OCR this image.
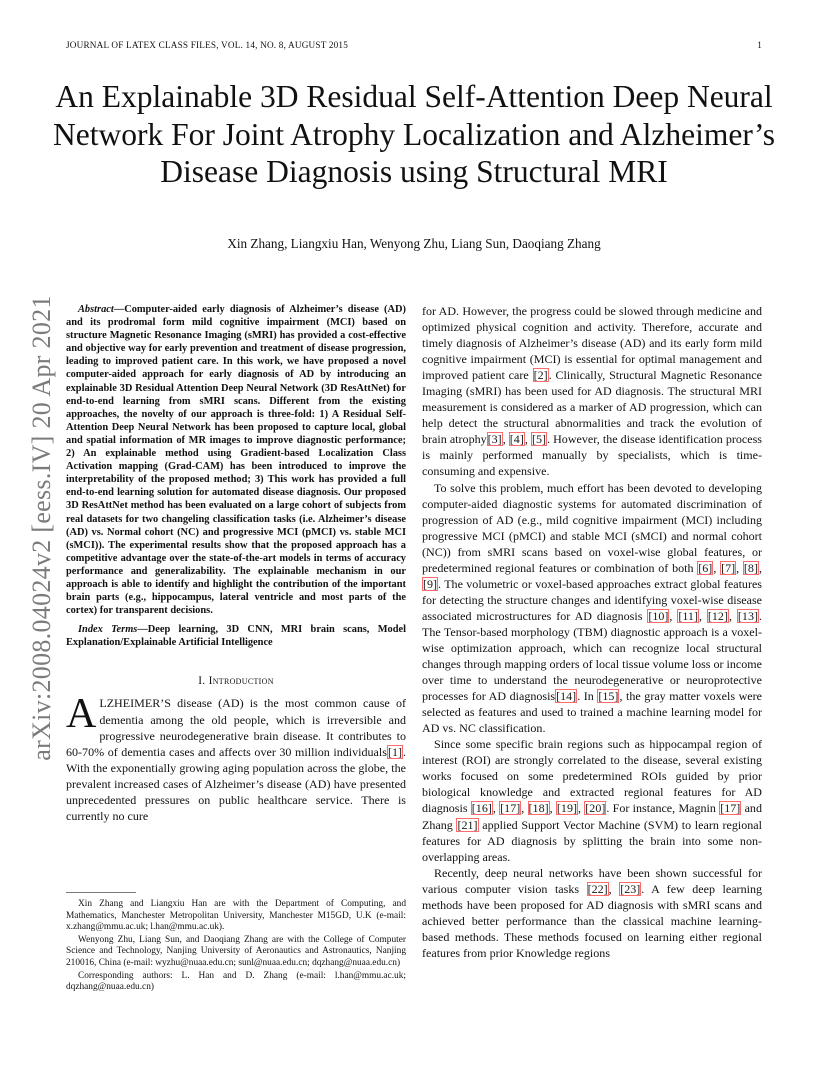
JOURNAL OF LATEX CLASS FILES, VOL. 14, NO. 8, AUGUST 2015	1
An Explainable 3D Residual Self-Attention Deep Neural Network For Joint Atrophy Localization and Alzheimer’s Disease Diagnosis using Structural MRI
Xin Zhang, Liangxiu Han, Wenyong Zhu, Liang Sun, Daoqiang Zhang
arXiv:2008.04024v2 [eess.IV] 20 Apr 2021	Abstract—Computer-aided early diagnosis of Alzheimer’s disease (AD) and its prodromal form mild cognitive impairment (MCI) based on structure Magnetic Resonance Imaging (sMRI) has provided a cost-effective and objective way for early prevention and treatment of disease progression, leading to improved patient care. In this work, we have proposed a novel computer-aided approach for early diagnosis of AD by introducing an explainable 3D Residual Attention Deep Neural Network (3D ResAttNet) for end-to-end learning from sMRI scans. Different from the existing approaches, the novelty of our approach is three-fold: 1) A Residual Self-Attention Deep Neural Network has been proposed to capture local, global and spatial information of MR images to improve diagnostic performance; 2) An explainable method using Gradient-based Localization Class Activation mapping (Grad-CAM) has been introduced to improve the interpretability of the proposed method; 3) This work has provided a full end-to-end learning solution for automated disease diagnosis. Our proposed 3D ResAttNet method has been evaluated on a large cohort of subjects from real datasets for two changeling classification tasks (i.e. Alzheimer’s disease (AD) vs. Normal cohort (NC) and progressive MCI (pMCI) vs. stable MCI (sMCI)). The experimental results show that the proposed approach has a competitive advantage over the state-of-the-art models in terms of accuracy performance and generalizability. The explainable mechanism in our approach is able to identify and highlight the contribution of the important brain parts (e.g., hippocampus, lateral ventricle and most parts of the cortex) for transparent decisions.

Index Terms—Deep learning, 3D CNN, MRI brain scans, Model Explanation/Explainable Artificial Intelligence

I. Introduction

ALZHEIMER’S disease (AD) is the most common cause of dementia among the old people, which is irreversible and progressive neurodegenerative brain disease. It contributes to 60-70% of dementia cases and affects over 30 million individuals[1]. With the exponentially growing aging population across the globe, the prevalent increased cases of Alzheimer’s disease (AD) have presented unprecedented pressures on public healthcare service. There is currently no cure

for AD. However, the progress could be slowed through medicine and optimized physical cognition and activity. Therefore, accurate and timely diagnosis of Alzheimer’s disease (AD) and its early form mild cognitive impairment (MCI) is essential for optimal management and improved patient care [2]. Clinically, Structural Magnetic Resonance Imaging (sMRI) has been used for AD diagnosis. The structural MRI measurement is considered as a marker of AD progression, which can help detect the structural abnormalities and track the evolution of brain atrophy[3], [4], [5]. However, the disease identification process is mainly performed manually by specialists, which is time-consuming and expensive.

To solve this problem, much effort has been devoted to developing computer-aided diagnostic systems for automated discrimination of progression of AD (e.g., mild cognitive impairment (MCI) including progressive MCI (pMCI) and stable MCI (sMCI) and normal cohort (NC)) from sMRI scans based on voxel-wise global features, or predetermined regional features or combination of both [6], [7], [8], [9]. The volumetric or voxel-based approaches extract global features for detecting the structure changes and identifying voxel-wise disease associated microstructures for AD diagnosis [10], [11], [12], [13]. The Tensor-based morphology (TBM) diagnostic approach is a voxel-wise optimization approach, which can recognize local structural changes through mapping orders of local tissue volume loss or income over time to understand the neurodegenerative or neuroprotective processes for AD diagnosis[14]. In [15], the gray matter voxels were selected as features and used to trained a machine learning model for AD vs. NC classification.

Since some specific brain regions such as hippocampal region of interest (ROI) are strongly correlated to the disease, several existing works focused on some predetermined ROIs guided by prior biological knowledge and extracted regional features for AD diagnosis [16], [17], [18], [19], [20]. For instance, Magnin [17] and Zhang [21] applied Support Vector Machine (SVM) to learn regional features for AD diagnosis by splitting the brain into some non-overlapping areas.

Recently, deep neural networks have been shown successful for various computer vision tasks [22], [23]. A few deep learning methods have been proposed for AD diagnosis with sMRI scans and achieved better performance than the classical machine learning-based methods. These methods focused on learning either regional features from prior Knowledge regions

Xin Zhang and Liangxiu Han are with the Department of Computing, and Mathematics, Manchester Metropolitan University, Manchester M15GD, U.K (e-mail: x.zhang@mmu.ac.uk; l.han@mmu.ac.uk).

Wenyong Zhu, Liang Sun, and Daoqiang Zhang are with the College of Computer Science and Technology, Nanjing University of Aeronautics and Astronautics, Nanjing 210016, China (e-mail: wyzhu@nuaa.edu.cn; sunl@nuaa.edu.cn; dqzhang@nuaa.edu.cn)

Corresponding authors: L. Han and D. Zhang (e-mail: l.han@mmu.ac.uk; dqzhang@nuaa.edu.cn)
